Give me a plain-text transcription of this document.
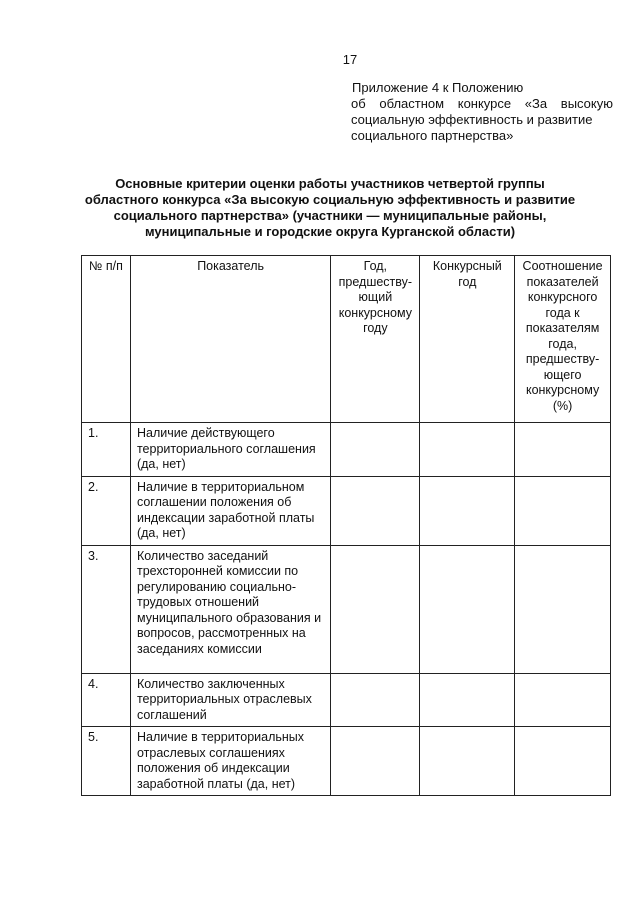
17
Приложение 4 к Положению
об областном конкурсе «За высокую
социальную эффективность и развитие
социального партнерства»
Основные критерии оценки работы участников четвертой группы
областного конкурса «За высокую социальную эффективность и развитие
социального партнерства» (участники — муниципальные районы,
муниципальные и городские округа Курганской области)
№ п/п	Показатель	Год, предшеству-ющий конкурсному году	Конкурсный год	Соотношение показателей конкурсного года к показателям года, предшеству-ющего конкурсному (%)
1.	Наличие действующего территориального соглашения (да, нет)			
2.	Наличие в территориальном соглашении положения об индексации заработной платы (да, нет)			
3.	Количество заседаний трехсторонней комиссии по регулированию социально-трудовых отношений муниципального образования и вопросов, рассмотренных на заседаниях комиссии			
4.	Количество заключенных территориальных отраслевых соглашений			
5.	Наличие в территориальных отраслевых соглашениях положения об индексации заработной платы (да, нет)			
